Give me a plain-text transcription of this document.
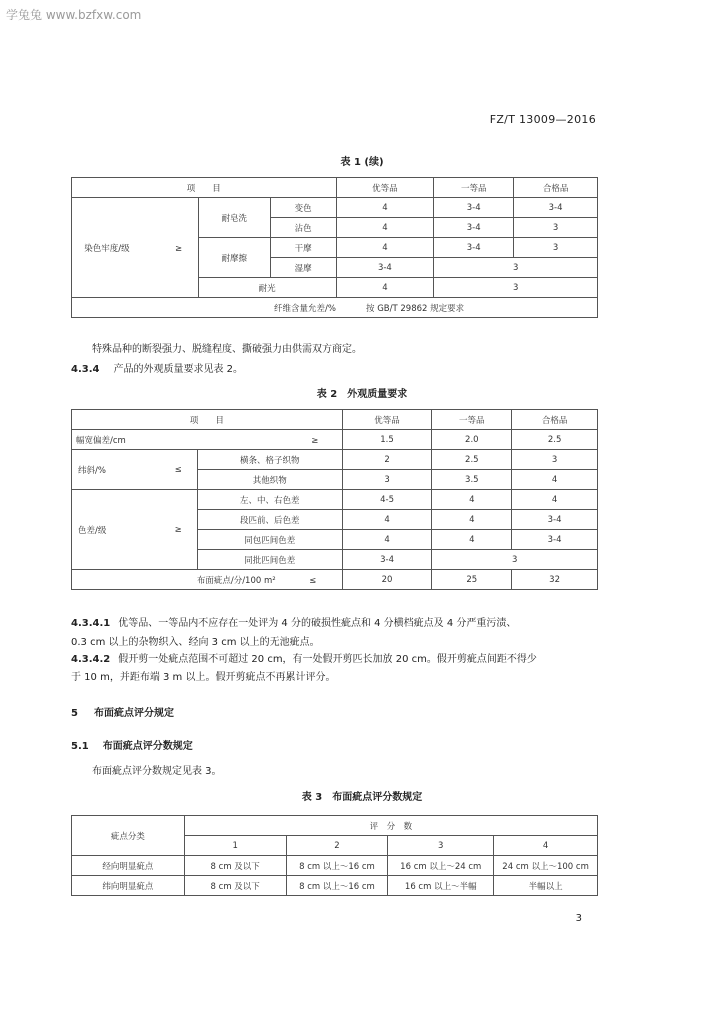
学兔兔 www.bzfxw.com
FZ/T 13009—2016
表 1 (续)
项　　目			优等品	一等品	合格品
染色牢度/级 ≥	耐皂洗	变色	4	3-4	3-4
		沾色	4	3-4	3
	耐摩擦	干摩	4	3-4	3
		湿摩	3-4	3	
	耐光		4	3	
纤维含量允差/%			按 GB/T 29862 规定要求		
特殊品种的断裂强力、脱缝程度、撕破强力由供需双方商定。
4.3.4 产品的外观质量要求见表 2。
表 2　外观质量要求
项　　目			优等品	一等品	合格品
幅宽偏差/cm ≥			1.5	2.0	2.5
纬斜/%	≤	横条、格子织物	2	2.5	3
		其他织物	3	3.5	4
色差/级	≥	左、中、右色差	4-5	4	4
		段匹前、后色差	4	4	3-4
		同包匹间色差	4	4	3-4
		同批匹间色差	3-4	3	
布面疵点/分/100 m² ≤			20	25	32
4.3.4.1 优等品、一等品内不应存在一处评为 4 分的破损性疵点和 4 分横档疵点及 4 分严重污渍、
0.3 cm 以上的杂物织入、经向 3 cm 以上的无池疵点。
4.3.4.2 假开剪一处疵点范围不可超过 20 cm，有一处假开剪匹长加放 20 cm。假开剪疵点间距不得少
于 10 m，并距布端 3 m 以上。假开剪疵点不再累计评分。
5 布面疵点评分规定
5.1 布面疵点评分数规定
布面疵点评分数规定见表 3。
表 3　布面疵点评分数规定
疵点分类	评　分　数			
	1	2	3	4
经向明显疵点	8 cm 及以下	8 cm 以上～16 cm	16 cm 以上～24 cm	24 cm 以上～100 cm
纬向明显疵点	8 cm 及以下	8 cm 以上～16 cm	16 cm 以上～半幅	半幅以上
3
